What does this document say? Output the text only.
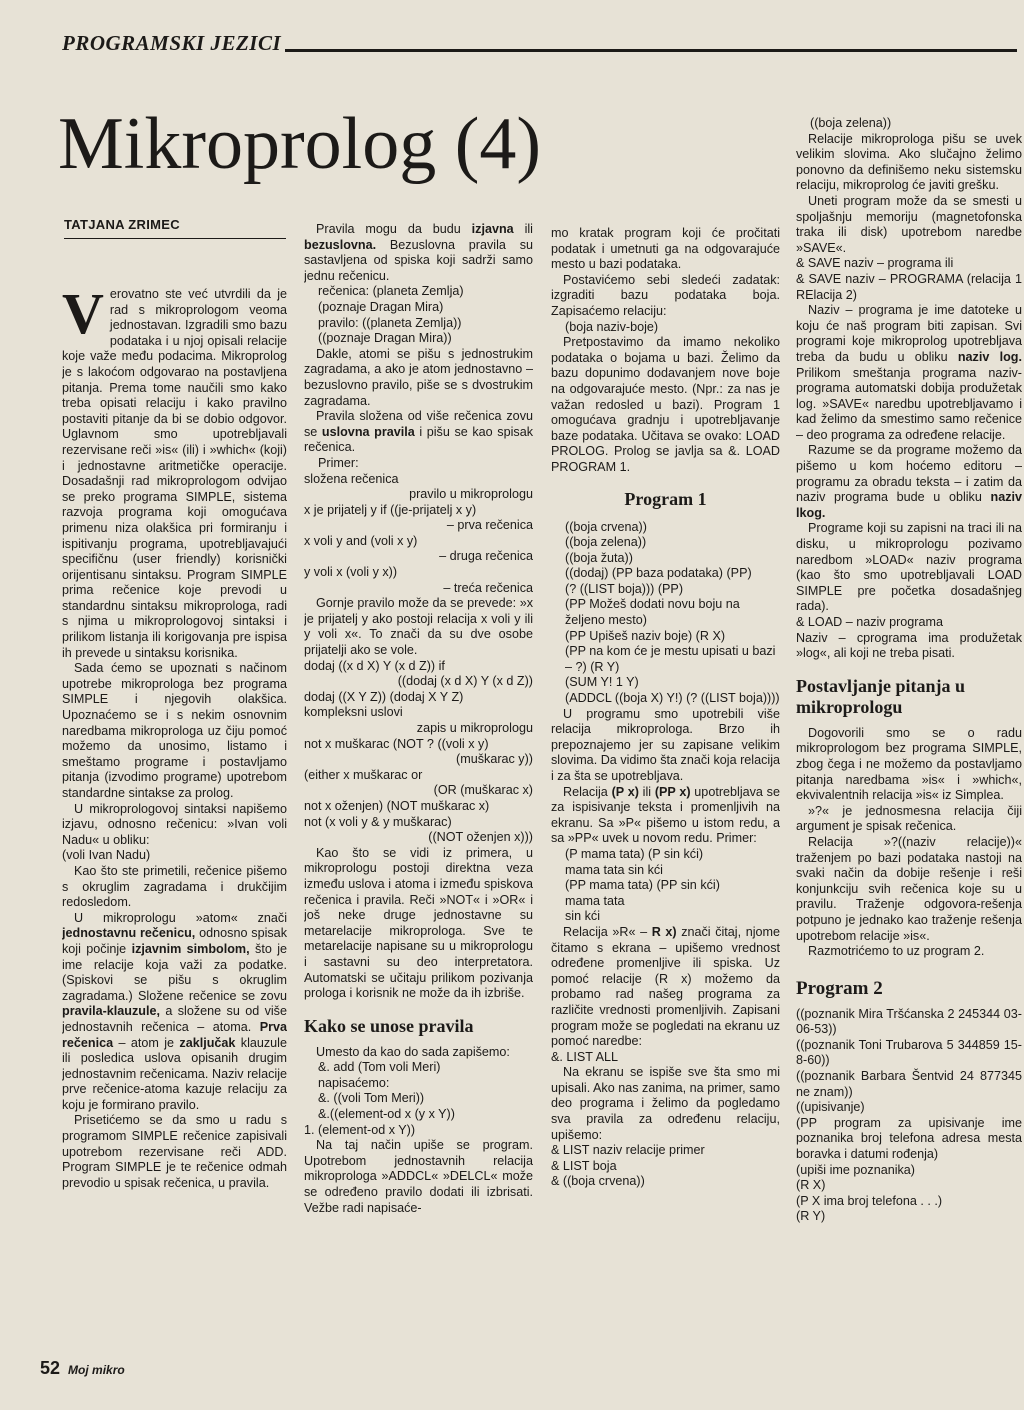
PROGRAMSKI JEZICI
Mikroprolog (4)
TATJANA ZRIMEC

Verovatno ste već utvrdili da je rad s mikroprologom veoma jednostavan. Izgradili smo bazu podataka i u njoj opisali relacije koje važe među podacima. Mikroprolog je s lakoćom odgovarao na postavljena pitanja. Prema tome naučili smo kako treba opisati relaciju i kako pravilno postaviti pitanje da bi se dobio odgovor. Uglavnom smo upotrebljavali rezervisane reči »is« (ili) i »which« (koji) i jednostavne aritmetičke operacije. Dosadašnji rad mikroprologom odvijao se preko programa SIMPLE, sistema razvoja programa koji omogućava primenu niza olakšica pri formiranju i ispitivanju programa, upotrebljavajući specifičnu (user friendly) korisnički orijentisanu sintaksu. Program SIMPLE prima rečenice koje prevodi u standardnu sintaksu mikroprologa, radi s njima u mikroprologovoj sintaksi i prilikom listanja ili korigovanja pre ispisa ih prevede u sintaksu korisnika.

Sada ćemo se upoznati s načinom upotrebe mikroprologa bez programa SIMPLE i njegovih olakšica. Upoznaćemo se i s nekim osnovnim naredbama mikroprologa uz čiju pomoć možemo da unosimo, listamo i smeštamo programe i postavljamo pitanja (izvodimo programe) upotrebom standardne sintakse za prolog.

U mikroprologovoj sintaksi napišemo izjavu, odnosno rečenicu: »Ivan voli Nadu« u obliku:

(voli Ivan Nadu)

Kao što ste primetili, rečenice pišemo s okruglim zagradama i drukčijim redosledom.

U mikroprologu »atom« znači jednostavnu rečenicu, odnosno spisak koji počinje izjavnim simbolom, što je ime relacije koja važi za podatke. (Spiskovi se pišu s okruglim zagradama.) Složene rečenice se zovu pravila-klauzule, a složene su od više jednostavnih rečenica – atoma. Prva rečenica – atom je zaključak klauzule ili posledica uslova opisanih drugim jednostavnim rečenicama. Naziv relacije prve rečenice-atoma kazuje relaciju za koju je formirano pravilo.

Prisetićemo se da smo u radu s programom SIMPLE rečenice zapisivali upotrebom rezervisane reči ADD. Program SIMPLE je te rečenice odmah prevodio u spisak rečenica, u pravila.

Pravila mogu da budu izjavna ili bezuslovna. Bezuslovna pravila su sastavljena od spiska koji sadrži samo jednu rečenicu.

rečenica: (planeta Zemlja)

(poznaje Dragan Mira)

pravilo: ((planeta Zemlja))

((poznaje Dragan Mira))

Dakle, atomi se pišu s jednostrukim zagradama, a ako je atom jednostavno – bezuslovno pravilo, piše se s dvostrukim zagradama.

Pravila složena od više rečenica zovu se uslovna pravila i pišu se kao spisak rečenica.

Primer:

složena rečenica

pravilo u mikroprologu

x je prijatelj y if ((je-prijatelj x y)

– prva rečenica

x voli y and (voli x y)

– druga rečenica

y voli x (voli y x))

– treća rečenica

Gornje pravilo može da se prevede: »x je prijatelj y ako postoji relacija x voli y ili y voli x«. To znači da su dve osobe prijatelji ako se vole.

dodaj ((x d X) Y (x d Z)) if

((dodaj (x d X) Y (x d Z))

dodaj ((X Y Z)) (dodaj X Y Z)

kompleksni uslovi

zapis u mikroprologu

not x muškarac (NOT ? ((voli x y)

(muškarac y))

(either x muškarac or

(OR (muškarac x)

not x oženjen) (NOT muškarac x)

not (x voli y & y muškarac)

((NOT oženjen x)))

Kao što se vidi iz primera, u mikroprologu postoji direktna veza između uslova i atoma i između spiskova rečenica i pravila. Reči »NOT« i »OR« i još neke druge jednostavne su metarelacije mikroprologa. Sve te metarelacije napisane su u mikroprologu i sastavni su deo interpretatora. Automatski se učitaju prilikom pozivanja prologa i korisnik ne može da ih izbriše.

Kako se unose pravila

Umesto da kao do sada zapišemo:

&. add (Tom voli Meri)

napisaćemo:

&. ((voli Tom Meri))

&.((element-od x (y x Y))

1. (element-od x Y))

Na taj način upiše se program. Upotrebom jednostavnih relacija mikroprologa »ADDCL« »DELCL« može se određeno pravilo dodati ili izbrisati. Vežbe radi napisaće-

mo kratak program koji će pročitati podatak i umetnuti ga na odgovarajuće mesto u bazi podataka.

Postavićemo sebi sledeći zadatak: izgraditi bazu podataka boja. Zapisaćemo relaciju:

(boja naziv-boje)

Pretpostavimo da imamo nekoliko podataka o bojama u bazi. Želimo da bazu dopunimo dodavanjem nove boje na odgovarajuće mesto. (Npr.: za nas je važan redosled u bazi). Program 1 omogućava gradnju i upotrebljavanje baze podataka. Učitava se ovako: LOAD PROLOG. Prolog se javlja sa &. LOAD PROGRAM 1.

Program 1

((boja crvena))

((boja zelena))

((boja žuta))

((dodaj) (PP baza podataka) (PP)

(? ((LIST boja))) (PP)

(PP Možeš dodati novu boju na željeno mesto)

(PP Upišeš naziv boje) (R X)

(PP na kom će je mestu upisati u bazi – ?) (R Y)

(SUM Y! 1 Y)

(ADDCL ((boja X) Y!) (? ((LIST boja))))

U programu smo upotrebili više relacija mikroprologa. Brzo ih prepoznajemo jer su zapisane velikim slovima. Da vidimo šta znači koja relacija i za šta se upotrebljava.

Relacija (P x) ili (PP x) upotrebljava se za ispisivanje teksta i promenljivih na ekranu. Sa »P« pišemo u istom redu, a sa »PP« uvek u novom redu. Primer:

(P mama tata) (P sin kći)

mama tata sin kći

(PP mama tata) (PP sin kći)

mama tata

sin kći

Relacija »R« – R x) znači čitaj, njome čitamo s ekrana – upišemo vrednost određene promenljive ili spiska. Uz pomoć relacije (R x) možemo da probamo rad našeg programa za različite vrednosti promenljivih. Zapisani program može se pogledati na ekranu uz pomoć naredbe:

&. LIST ALL

Na ekranu se ispiše sve šta smo mi upisali. Ako nas zanima, na primer, samo deo programa i želimo da pogledamo sva pravila za određenu relaciju, upišemo:

& LIST naziv relacije primer

& LIST boja

& ((boja crvena))

((boja zelena))

Relacije mikroprologa pišu se uvek velikim slovima. Ako slučajno želimo ponovno da definišemo neku sistemsku relaciju, mikroprolog će javiti grešku.

Uneti program može da se smesti u spoljašnju memoriju (magnetofonska traka ili disk) upotrebom naredbe »SAVE«.

& SAVE naziv – programa ili

& SAVE naziv – PROGRAMA (relacija 1 RElacija 2)

Naziv – programa je ime datoteke u koju će naš program biti zapisan. Svi programi koje mikroprolog upotrebljava treba da budu u obliku naziv log. Prilikom smeštanja programa naziv-programa automatski dobija produžetak log. »SAVE« naredbu upotrebljavamo i kad želimo da smestimo samo rečenice – deo programa za određene relacije.

Razume se da programe možemo da pišemo u kom hoćemo editoru – programu za obradu teksta – i zatim da naziv programa bude u obliku naziv lkog.

Programe koji su zapisni na traci ili na disku, u mikroprologu pozivamo naredbom »LOAD« naziv programa (kao što smo upotrebljavali LOAD SIMPLE pre početka dosadašnjeg rada).

& LOAD – naziv programa

Naziv – cprograma ima produžetak »log«, ali koji ne treba pisati.

Postavljanje pitanja u mikroprologu

Dogovorili smo se o radu mikroprologom bez programa SIMPLE, zbog čega i ne možemo da postavljamo pitanja naredbama »is« i »which«, ekvivalentnih relacija »is« iz Simplea.

»?« je jednosmesna relacija čiji argument je spisak rečenica.

Relacija »?((naziv relacije))« traženjem po bazi podataka nastoji na svaki način da dobije rešenje i reši konjunkciju svih rečenica koje su u pravilu. Traženje odgovora-rešenja potpuno je jednako kao traženje rešenja upotrebom relacije »is«.

Razmotrićemo to uz program 2.

Program 2

((poznanik Mira Tršćanska 2 245344 03-06-53))

((poznanik Toni Trubarova 5 344859 15-8-60))

((poznanik Barbara Šentvid 24 877345 ne znam))

((upisivanje)

(PP program za upisivanje ime poznanika broj telefona adresa mesta boravka i datumi rođenja)

(upiši ime poznanika)

(R X)

(P X ima broj telefona . . .)

(R Y)

52 Moj mikro
